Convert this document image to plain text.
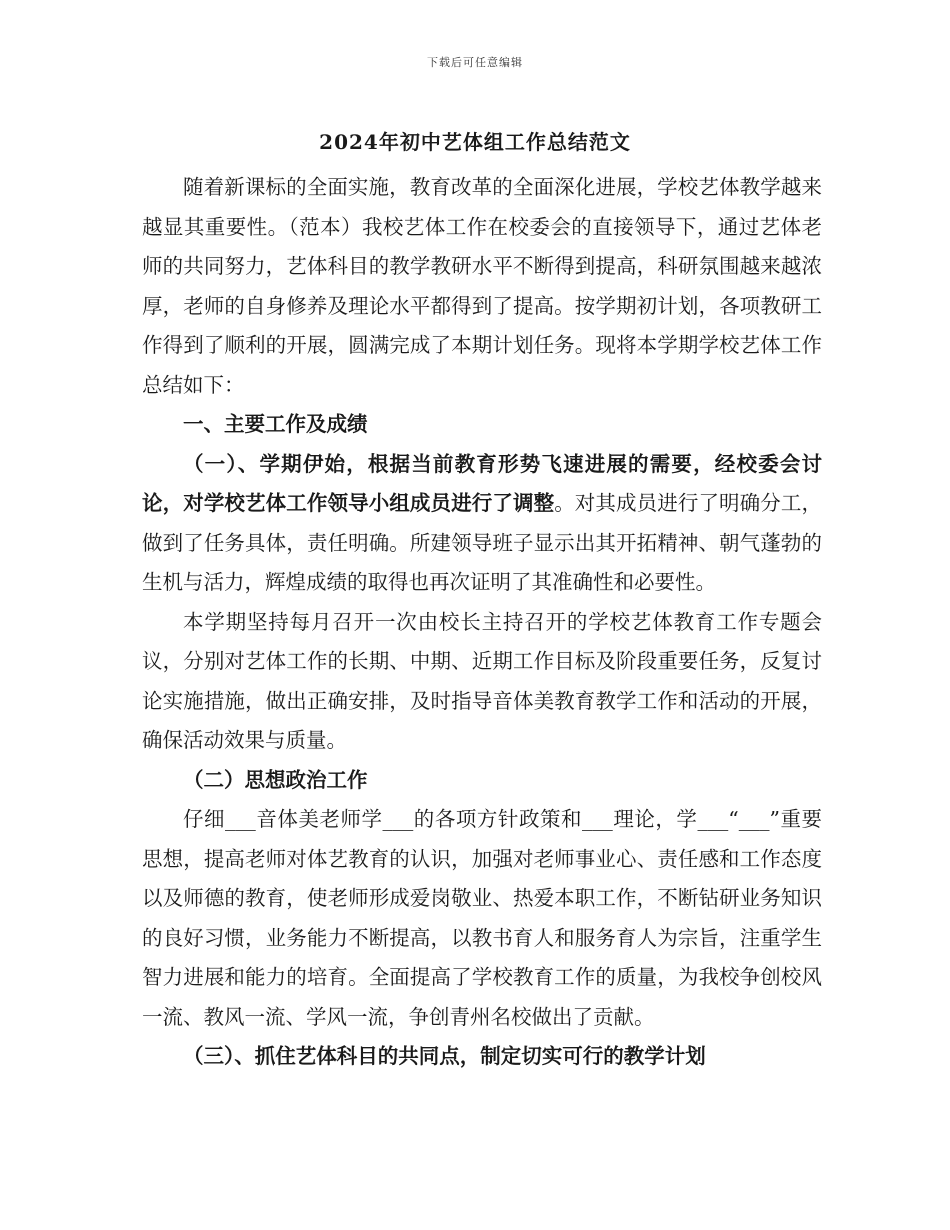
下载后可任意编辑
2024年初中艺体组工作总结范文

随着新课标的全面实施，教育改革的全面深化进展，学校艺体教学越来越显其重要性。（范本）我校艺体工作在校委会的直接领导下，通过艺体老师的共同努力，艺体科目的教学教研水平不断得到提高，科研氛围越来越浓厚，老师的自身修养及理论水平都得到了提高。按学期初计划，各项教研工作得到了顺利的开展，圆满完成了本期计划任务。现将本学期学校艺体工作总结如下：

一、主要工作及成绩

（一）、学期伊始，根据当前教育形势飞速进展的需要，经校委会讨论，对学校艺体工作领导小组成员进行了调整。对其成员进行了明确分工，做到了任务具体，责任明确。所建领导班子显示出其开拓精神、朝气蓬勃的生机与活力，辉煌成绩的取得也再次证明了其准确性和必要性。

本学期坚持每月召开一次由校长主持召开的学校艺体教育工作专题会议，分别对艺体工作的长期、中期、近期工作目标及阶段重要任务，反复讨论实施措施，做出正确安排，及时指导音体美教育教学工作和活动的开展，确保活动效果与质量。

（二）思想政治工作

仔细___音体美老师学___的各项方针政策和___理论，学___“___”重要思想，提高老师对体艺教育的认识，加强对老师事业心、责任感和工作态度以及师德的教育，使老师形成爱岗敬业、热爱本职工作，不断钻研业务知识的良好习惯，业务能力不断提高，以教书育人和服务育人为宗旨，注重学生智力进展和能力的培育。全面提高了学校教育工作的质量，为我校争创校风一流、教风一流、学风一流，争创青州名校做出了贡献。

（三）、抓住艺体科目的共同点，制定切实可行的教学计划
